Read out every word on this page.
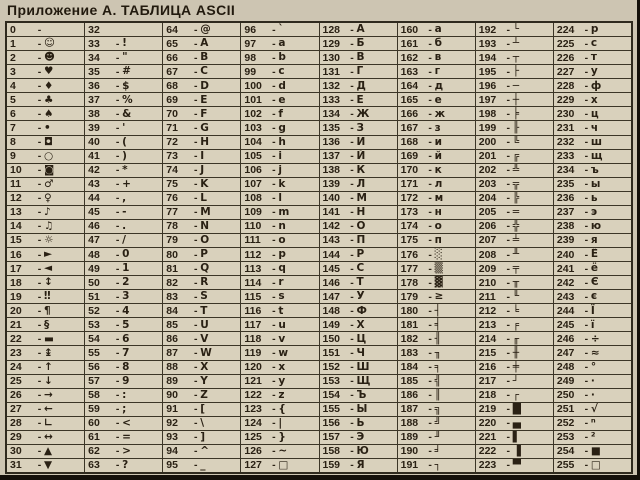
Приложение А. ТАБЛИЦА ASCII
0	-
1	- ☺
2	- ☻
3	- ♥
4	- ♦
5	- ♣
6	- ♠
7	- •
8	- ◘
9	- ○
10	- ◙
11	- ♂
12	- ♀
13	- ♪
14	- ♫
15	- ☼
16	- ►
17	- ◄
18	- ↕
19	- ‼
20	- ¶
21	- §
22	- ▬
23	- ↨
24	- ↑
25	- ↓
26	- →
27	- ←
28	- ∟
29	- ↔
30	- ▲
31	- ▼
32
33	- !
34	- "
35	- #
36	- $
37	- %
38	- &
39	- '
40	- (
41	- )
42	- *
43	- +
44	- ,
45	- -
46	- .
47	- /
48	- 0
49	- 1
50	- 2
51	- 3
52	- 4
53	- 5
54	- 6
55	- 7
56	- 8
57	- 9
58	- :
59	- ;
60	- <
61	- =
62	- >
63	- ?
64	- @
65	- A
66	- B
67	- C
68	- D
69	- E
70	- F
71	- G
72	- H
73	- I
74	- J
75	- K
76	- L
77	- M
78	- N
79	- O
80	- P
81	- Q
82	- R
83	- S
84	- T
85	- U
86	- V
87	- W
88	- X
89	- Y
90	- Z
91	- [
92	- \
93	- ]
94	- ^
95	- _
96	- `
97	- a
98	- b
99	- c
100 - d
101 - e
102 - f
103 - g
104 - h
105 - i
106 - j
107 - k
108 - l
109 - m
110	- n
111	- o
112	- p
113	- q
114	- r
115	- s
116	- t
117	- u
118	- v
119	- w
120 - x
121 - y
122 - z
123 - {
124 - |
125 - }
126 - ~
127 - □
128 - А
129 - Б
130 - В
131 - Г
132 - Д
133 - Е
134 - Ж
135 - З
136 - И
137 - Й
138 - К
139 - Л
140 - М
141 - Н
142 - О
143 - П
144 - Р
145 - С
146 - Т
147 - У
148 - Ф
149 - Х
150 - Ц
151 - Ч
152 - Ш
153 - Щ
154 - Ъ
155 - Ы
156 - Ь
157 - Э
158 - Ю
159 - Я
160 - а
161 - б
162 - в
163 - г
164 - д
165 - е
166 - ж
167 - з
168 - и
169 - й
170 - к
171 - л
172 - м
173 - н
174 - о
175 - п
176 - ░
177 - ▒
178 - ▓
179 - ≥
180 - ┤
181 - ╡
182 - ╢
183 - ╖
184 - ╕
185 - ╣
186 - ║
187 - ╗
188 - ╝
189 - ╜
190 - ╛
191 - ┐
192 - └
193 - ┴
194 - ┬
195 - ├
196 - ─
197 - ┼
198 - ╞
199 - ╟
200 - ╚
201 - ╔
202 - ╩
203 - ╦
204 - ╠
205 - ═
206 - ╬
207 - ╧
208 - ╨
209 - ╤
210 - ╥
211	- ╙
212 - ╘
213 - ╒
214 - ╓
215 - ╫
216 - ╪
217 - ┘
218 - ┌
219 - █
220 - ▄
221 - ▌
222 - ▐
223 - ▀
224 - р
225 - с
226 - т
227 - у
228 - ф
229 - х
230 - ц
231 - ч
232 - ш
233 - щ
234 - ъ
235 - ы
236 - ь
237 - э
238 - ю
239 - я
240 - Ё
241 - ё
242 - Є
243 - є
244 - Ї
245 - ї
246 - ÷
247 - ≈
248 - °
249 - ∙
250 - ·
251 - √
252 - ⁿ
253 - ²
254 - ■
255 - □
